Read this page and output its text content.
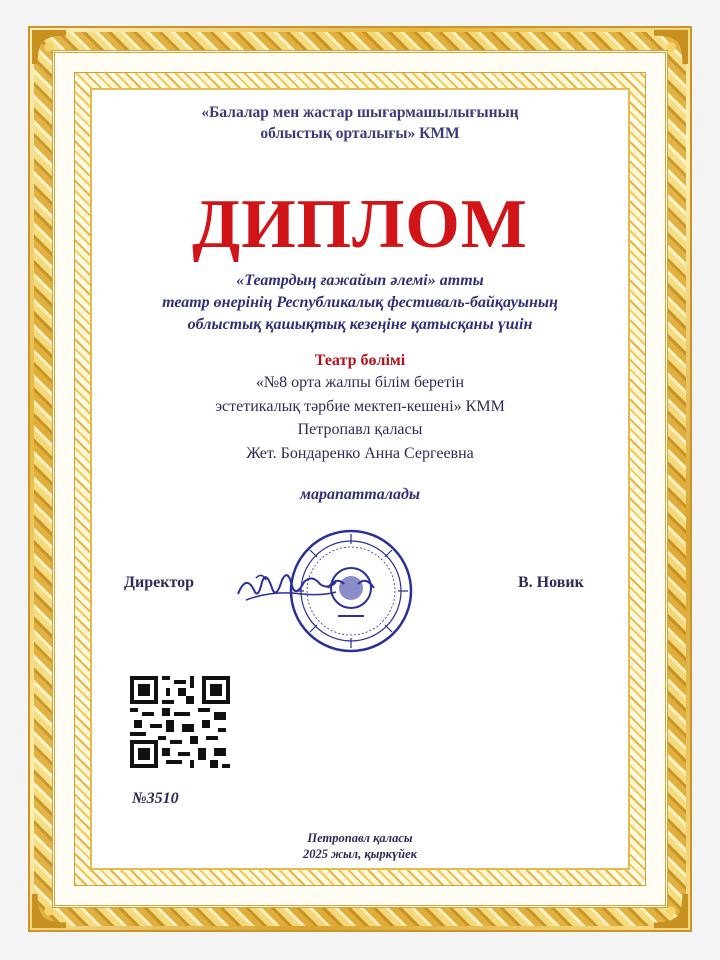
«Балалар мен жастар шығармашылығының
облыстық орталығы» КММ

ДИПЛОМ

«Театрдың ғажайып әлемі» атты
театр өнерінің Республикалық фестиваль-байқауының
облыстық қашықтық кезеңіне қатысқаны үшін

Театр бөлімі

«№8 орта жалпы білім беретін
эстетикалық тәрбие мектеп-кешені» КММ
Петропавл қаласы
Жет. Бондаренко Анна Сергеевна

марапатталады

Директор	В. Новик
№3510

Петропавл қаласы
2025 жыл, қыркүйек
